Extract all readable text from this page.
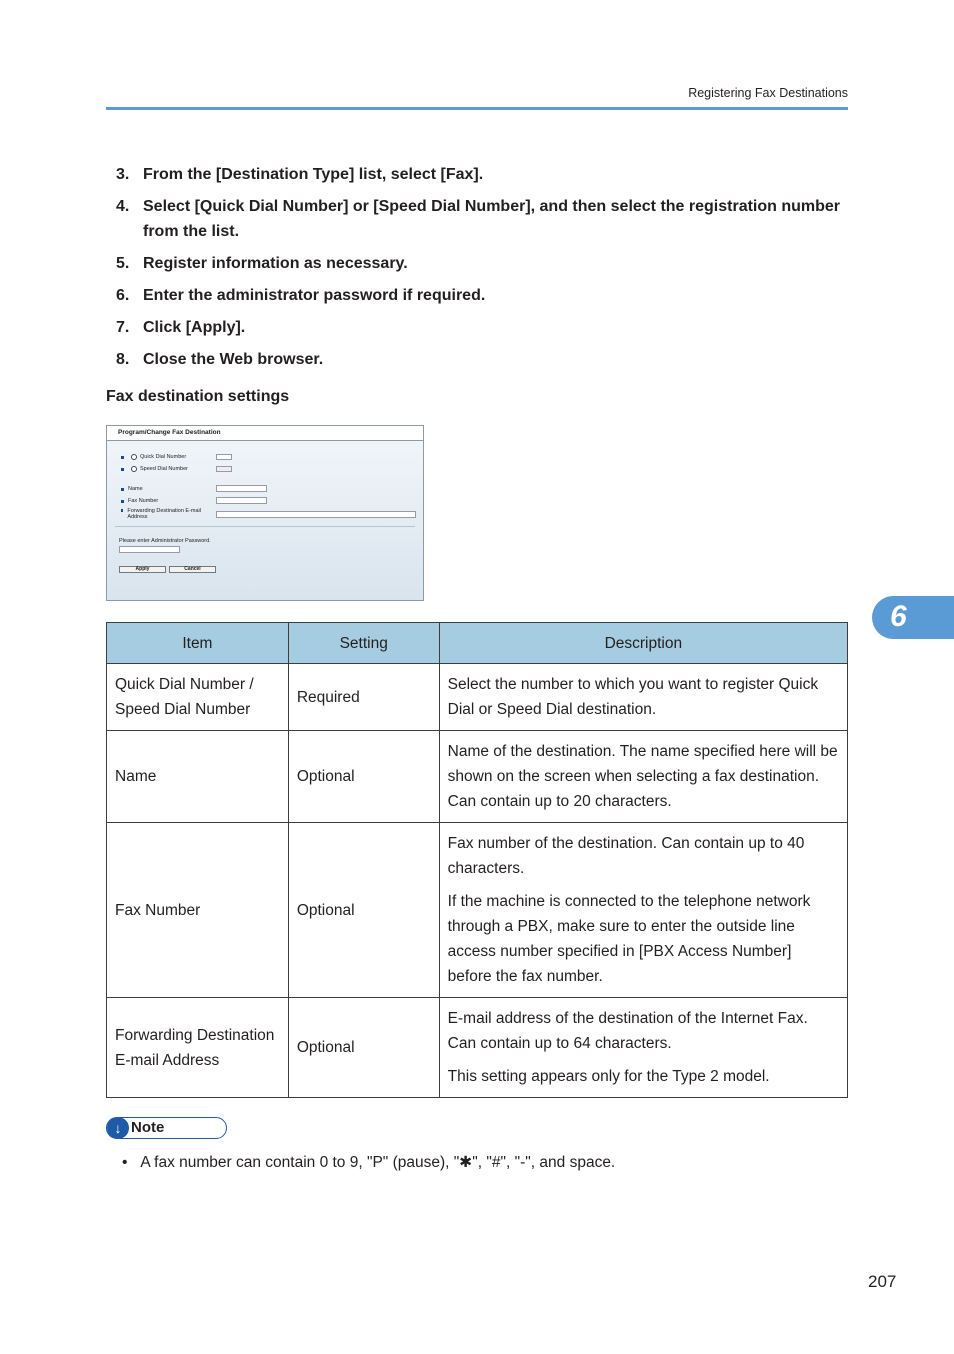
Registering Fax Destinations
3. From the [Destination Type] list, select [Fax].
4. Select [Quick Dial Number] or [Speed Dial Number], and then select the registration number from the list.
5. Register information as necessary.
6. Enter the administrator password if required.
7. Click [Apply].
8. Close the Web browser.
Fax destination settings
Program/Change Fax Destination
Quick Dial Number
Speed Dial Number
Name
Fax Number
Forwarding Destination E-mail Address
Please enter Administrator Password.
Apply	Cancel
Item	Setting	Description
Quick Dial Number / Speed Dial Number	Required	Select the number to which you want to register Quick Dial or Speed Dial destination.

Name	Optional	Name of the destination. The name specified here will be shown on the screen when selecting a fax destination. Can contain up to 20 characters.

Fax Number	Optional	Fax number of the destination. Can contain up to 40 characters.

If the machine is connected to the telephone network through a PBX, make sure to enter the outside line access number specified in [PBX Access Number] before the fax number.

Forwarding Destination E-mail Address	Optional	E-mail address of the destination of the Internet Fax. Can contain up to 64 characters.

This setting appears only for the Type 2 model.

↓ Note
•   A fax number can contain 0 to 9, "P" (pause), "✱", "#", "-", and space.
6
207
